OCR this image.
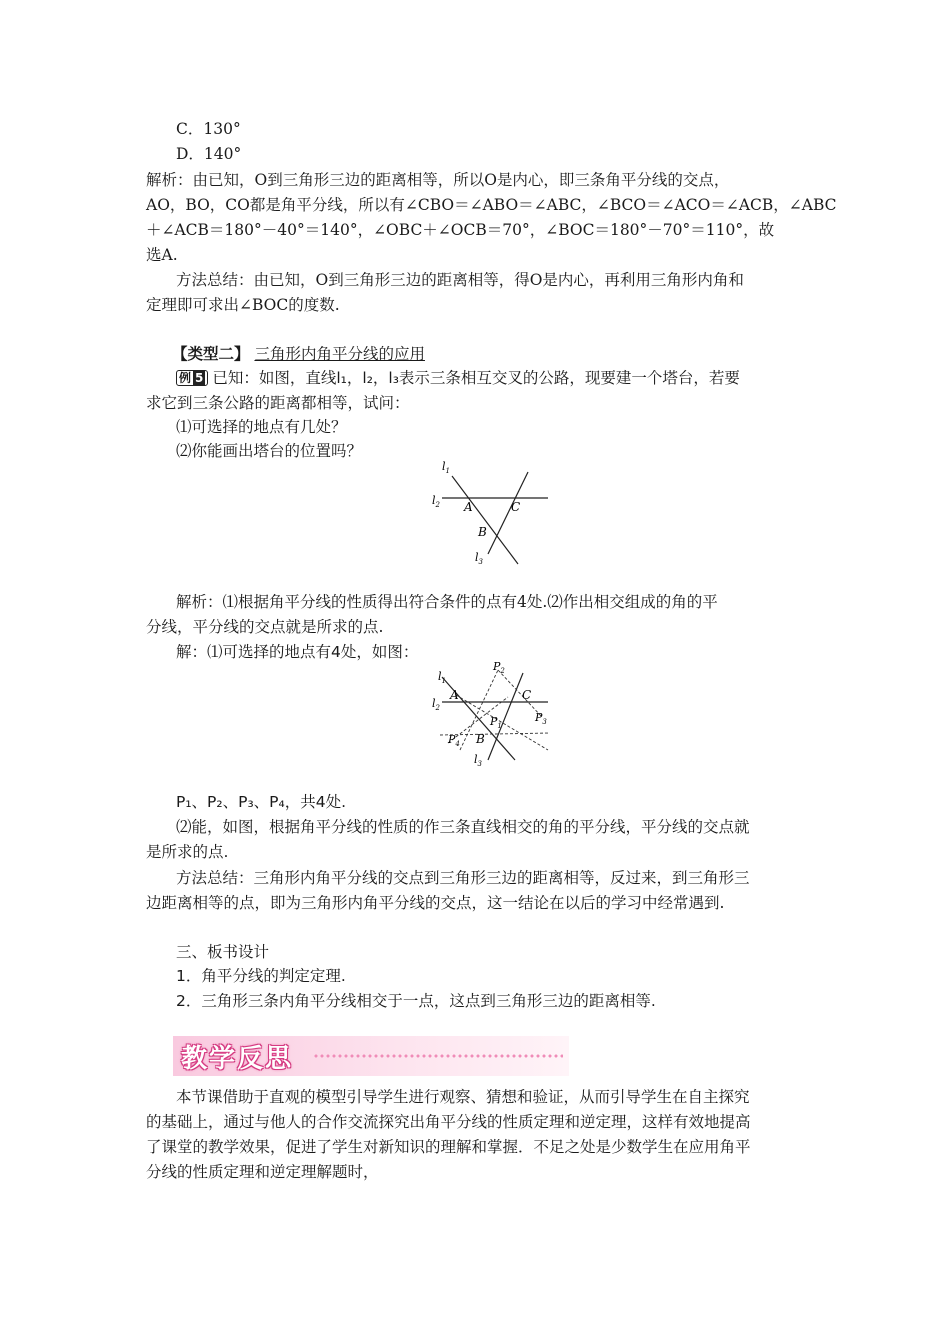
C．130°
D．140°
解析：由已知，O到三角形三边的距离相等，所以O是内心，即三条角平分线的交点，
AO，BO，CO都是角平分线，所以有∠CBO＝∠ABO＝∠ABC，∠BCO＝∠ACO＝∠ACB，∠ABC
＋∠ACB＝180°－40°＝140°，∠OBC＋∠OCB＝70°，∠BOC＝180°－70°＝110°，故
选A.
方法总结：由已知，O到三角形三边的距离相等，得O是内心，再利用三角形内角和
定理即可求出∠BOC的度数.
【类型二】 三角形内角平分线的应用
例 5 已知：如图，直线l₁，l₂，l₃表示三条相互交叉的公路，现要建一个塔台，若要
求它到三条公路的距离都相等，试问：
⑴可选择的地点有几处？
⑵你能画出塔台的位置吗？
$l_1$
$l_2$
$l_3$
A
B
C
解析：⑴根据角平分线的性质得出符合条件的点有4处.⑵作出相交组成的角的平
分线，平分线的交点就是所求的点.
解：⑴可选择的地点有4处，如图：
$l_1$
$l_2$
$l_3$
A
B
C
$P_1$
$P_2$
$P_3$
$P_4$
P₁、P₂、P₃、P₄，共4处.
⑵能，如图，根据角平分线的性质的作三条直线相交的角的平分线，平分线的交点就
是所求的点.
方法总结：三角形内角平分线的交点到三角形三边的距离相等，反过来，到三角形三
边距离相等的点，即为三角形内角平分线的交点，这一结论在以后的学习中经常遇到.
三、板书设计
1．角平分线的判定定理.
2．三角形三条内角平分线相交于一点，这点到三角形三边的距离相等.
教学反思
本节课借助于直观的模型引导学生进行观察、猜想和验证，从而引导学生在自主探究
的基础上，通过与他人的合作交流探究出角平分线的性质定理和逆定理，这样有效地提高
了课堂的教学效果，促进了学生对新知识的理解和掌握．不足之处是少数学生在应用角平
分线的性质定理和逆定理解题时，
